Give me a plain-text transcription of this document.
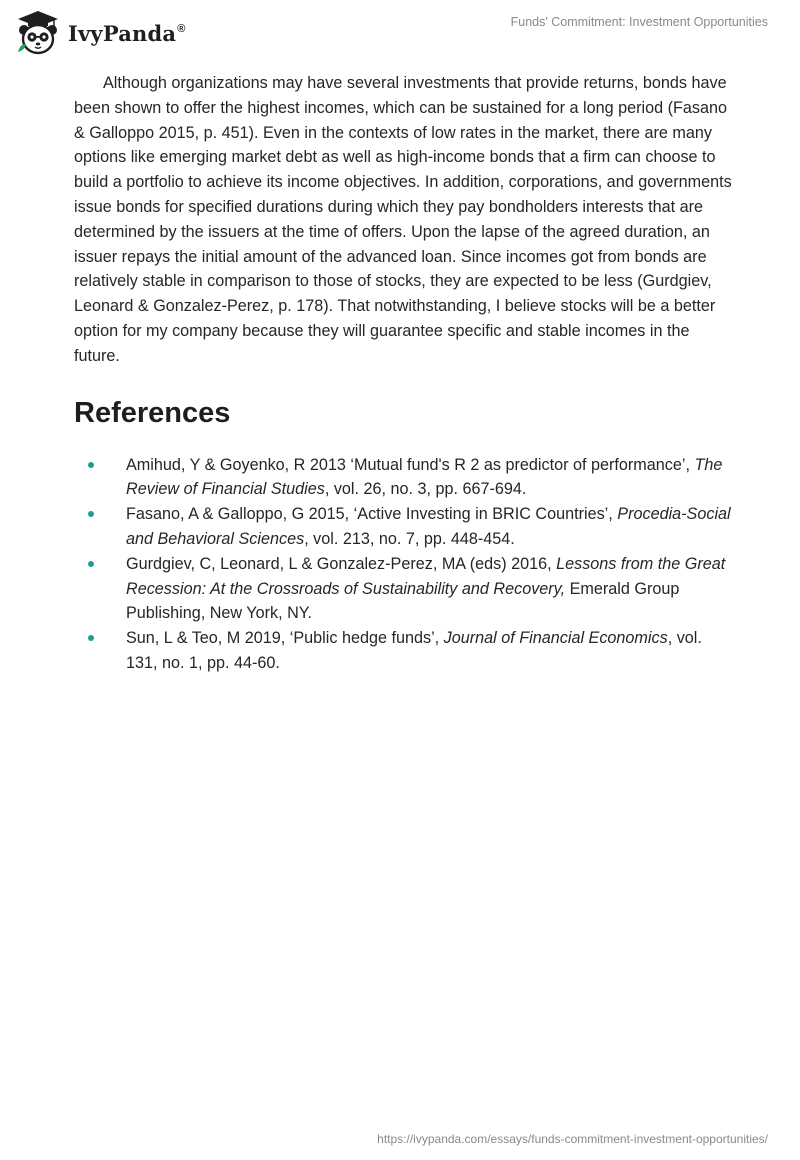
IvyPanda®	Funds' Commitment: Investment Opportunities

Although organizations may have several investments that provide returns, bonds have been shown to offer the highest incomes, which can be sustained for a long period (Fasano & Galloppo 2015, p. 451). Even in the contexts of low rates in the market, there are many options like emerging market debt as well as high-income bonds that a firm can choose to build a portfolio to achieve its income objectives. In addition, corporations, and governments issue bonds for specified durations during which they pay bondholders interests that are determined by the issuers at the time of offers. Upon the lapse of the agreed duration, an issuer repays the initial amount of the advanced loan. Since incomes got from bonds are relatively stable in comparison to those of stocks, they are expected to be less (Gurdgiev, Leonard & Gonzalez-Perez, p. 178). That notwithstanding, I believe stocks will be a better option for my company because they will guarantee specific and stable incomes in the future.

References
Amihud, Y & Goyenko, R 2013 ‘Mutual fund's R 2 as predictor of performance’, The Review of Financial Studies, vol. 26, no. 3, pp. 667-694.
Fasano, A & Galloppo, G 2015, ‘Active Investing in BRIC Countries’, Procedia-Social and Behavioral Sciences, vol. 213, no. 7, pp. 448-454.
Gurdgiev, C, Leonard, L & Gonzalez-Perez, MA (eds) 2016, Lessons from the Great Recession: At the Crossroads of Sustainability and Recovery, Emerald Group Publishing, New York, NY.
Sun, L & Teo, M 2019, ‘Public hedge funds’, Journal of Financial Economics, vol. 131, no. 1, pp. 44-60.
https://ivypanda.com/essays/funds-commitment-investment-opportunities/
